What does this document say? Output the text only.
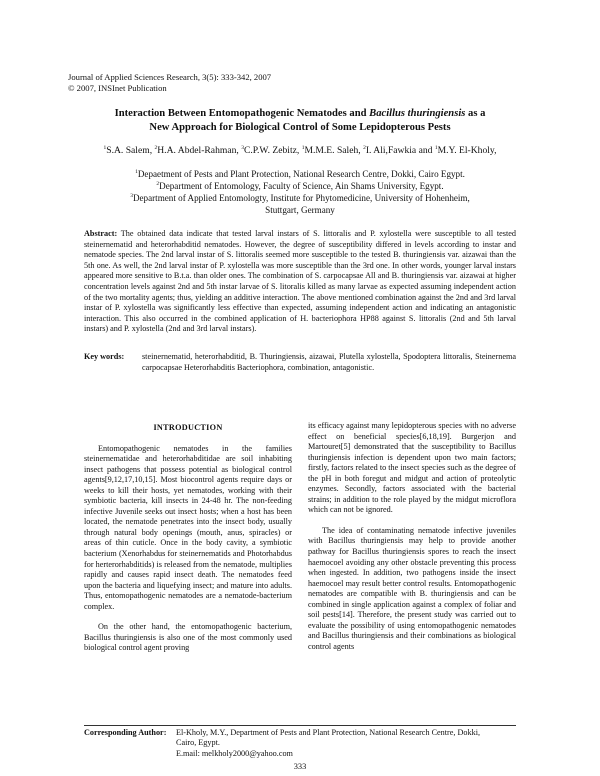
Journal of Applied Sciences Research, 3(5): 333-342, 2007
© 2007, INSInet Publication
Interaction Between Entomopathogenic Nematodes and Bacillus thuringiensis as a
New Approach for Biological Control of Some Lepidopterous Pests
$^1$S.A. Salem, $^2$H.A. Abdel-Rahman, $^3$C.P.W. Zebitz, $^1$M.M.E. Saleh, $^2$I. Ali,Fawkia and $^1$M.Y. El-Kholy,
$^1$Depaetment of Pests and Plant Protection, National Research Centre, Dokki, Cairo Egypt.
$^2$Department of Entomology, Faculty of Science, Ain Shams University, Egypt.
$^3$Department of Applied Entomologty, Institute for Phytomedicine, University of Hohenheim,
Stuttgart, Germany
Abstract: The obtained data indicate that tested larval instars of S. littoralis and P. xylostella were susceptible to all tested steinernematid and heterorhabditid nematodes. However, the degree of susceptibility differed in levels according to instar and nematode species. The 2nd larval instar of S. littoralis seemed more susceptible to the tested B. thuringiensis var. aizawai than the 5th one. As well, the 2nd larval instar of P. xylostella was more susceptible than the 3rd one. In other words, younger larval instars appeared more sensitive to B.t.a. than older ones. The combination of S. carpocapsae All and B. thuringiensis var. aizawai at higher concentration levels against 2nd and 5th instar larvae of S. litoralis killed as many larvae as expected assuming independent action of the two mortality agents; thus, yielding an additive interaction. The above mentioned combination against the 2nd and 3rd larval instar of P. xylostella was significantly less effective than expected, assuming independent action and indicating an antagonistic interaction. This also occurred in the combined application of H. bacteriophora HP88 against S. littoralis (2nd and 5th larval instars) and P. xylostella (2nd and 3rd larval instars).
Key words:	steinernematid, heterorhabditid, B. Thuringiensis, aizawai, Plutella xylostella, Spodoptera littoralis, Steinernema carpocapsae Heterorhabditis Bacteriophora, combination, antagonistic.
INTRODUCTION

Entomopathogenic nematodes in the families steinernematidae and heterorhabditidae are soil inhabiting insect pathogens that possess potential as biological control agents[9,12,17,10,15]. Most biocontrol agents require days or weeks to kill their hosts, yet nematodes, working with their symbiotic bacteria, kill insects in 24-48 hr. The non-feeding infective Juvenile seeks out insect hosts; when a host has been located, the nematode penetrates into the insect body, usually through natural body openings (mouth, anus, spiracles) or areas of thin cuticle. Once in the body cavity, a symbiotic bacterium (Xenorhabdus for steinernematids and Photorhabdus for herterorhabditids) is released from the nematode, multiplies rapidly and causes rapid insect death. The nematodes feed upon the bacteria and liquefying insect; and mature into adults. Thus, entomopathogenic nematodes are a nematode-bacterium complex.

On the other hand, the entomopathogenic bacterium, Bacillus thuringiensis is also one of the most commonly used biological control agent proving

its efficacy against many lepidopterous species with no adverse effect on beneficial species[6,18,19]. Burgerjon and Martouret[5] demonstrated that the susceptibility to Bacillus thuringiensis infection is dependent upon two main factors; firstly, factors related to the insect species such as the degree of the pH in both foregut and midgut and action of proteolytic enzymes. Secondly, factors associated with the bacterial strains; in addition to the role played by the midgut microflora which can not be ignored.

The idea of contaminating nematode infective juveniles with Bacillus thuringiensis may help to provide another pathway for Bacillus thuringiensis spores to reach the insect haemocoel avoiding any other obstacle preventing this process when ingested. In addition, two pathogens inside the insect haemocoel may result better control results. Entomopathogenic nematodes are compatible with B. thuringiensis and can be combined in single application against a complex of foliar and soil pests[14]. Therefore, the present study was carried out to evaluate the possibility of using entomopathogenic nematodes and Bacillus thuringiensis and their combinations as biological control agents

Corresponding Author:	El-Kholy, M.Y., Department of Pests and Plant Protection, National Research Centre, Dokki,
Cairo, Egypt.
E.mail: melkholy2000@yahoo.com
333
